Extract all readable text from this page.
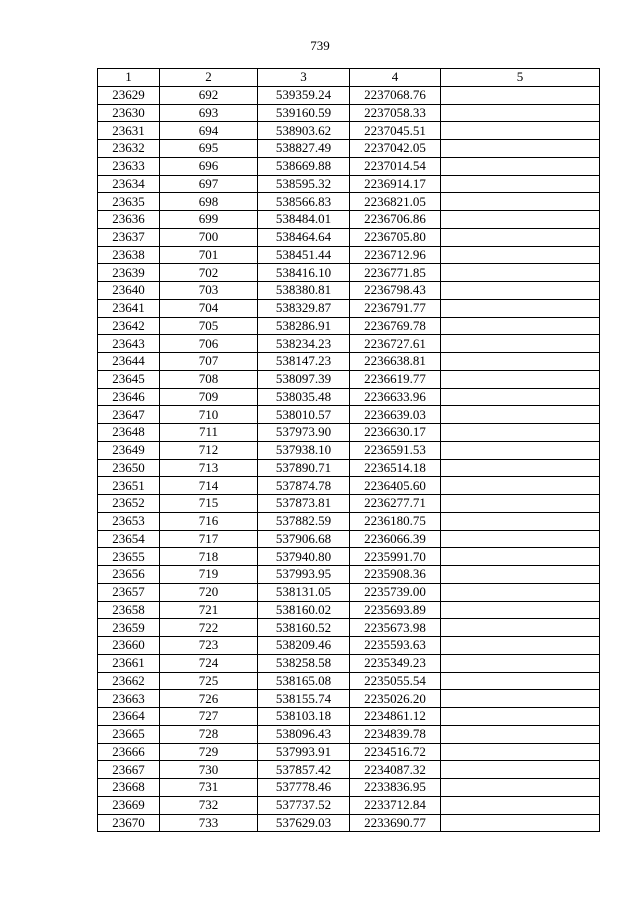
739
1	2	3	4	5
23629	692	539359.24	2237068.76	
23630	693	539160.59	2237058.33	
23631	694	538903.62	2237045.51	
23632	695	538827.49	2237042.05	
23633	696	538669.88	2237014.54	
23634	697	538595.32	2236914.17	
23635	698	538566.83	2236821.05	
23636	699	538484.01	2236706.86	
23637	700	538464.64	2236705.80	
23638	701	538451.44	2236712.96	
23639	702	538416.10	2236771.85	
23640	703	538380.81	2236798.43	
23641	704	538329.87	2236791.77	
23642	705	538286.91	2236769.78	
23643	706	538234.23	2236727.61	
23644	707	538147.23	2236638.81	
23645	708	538097.39	2236619.77	
23646	709	538035.48	2236633.96	
23647	710	538010.57	2236639.03	
23648	711	537973.90	2236630.17	
23649	712	537938.10	2236591.53	
23650	713	537890.71	2236514.18	
23651	714	537874.78	2236405.60	
23652	715	537873.81	2236277.71	
23653	716	537882.59	2236180.75	
23654	717	537906.68	2236066.39	
23655	718	537940.80	2235991.70	
23656	719	537993.95	2235908.36	
23657	720	538131.05	2235739.00	
23658	721	538160.02	2235693.89	
23659	722	538160.52	2235673.98	
23660	723	538209.46	2235593.63	
23661	724	538258.58	2235349.23	
23662	725	538165.08	2235055.54	
23663	726	538155.74	2235026.20	
23664	727	538103.18	2234861.12	
23665	728	538096.43	2234839.78	
23666	729	537993.91	2234516.72	
23667	730	537857.42	2234087.32	
23668	731	537778.46	2233836.95	
23669	732	537737.52	2233712.84	
23670	733	537629.03	2233690.77	
